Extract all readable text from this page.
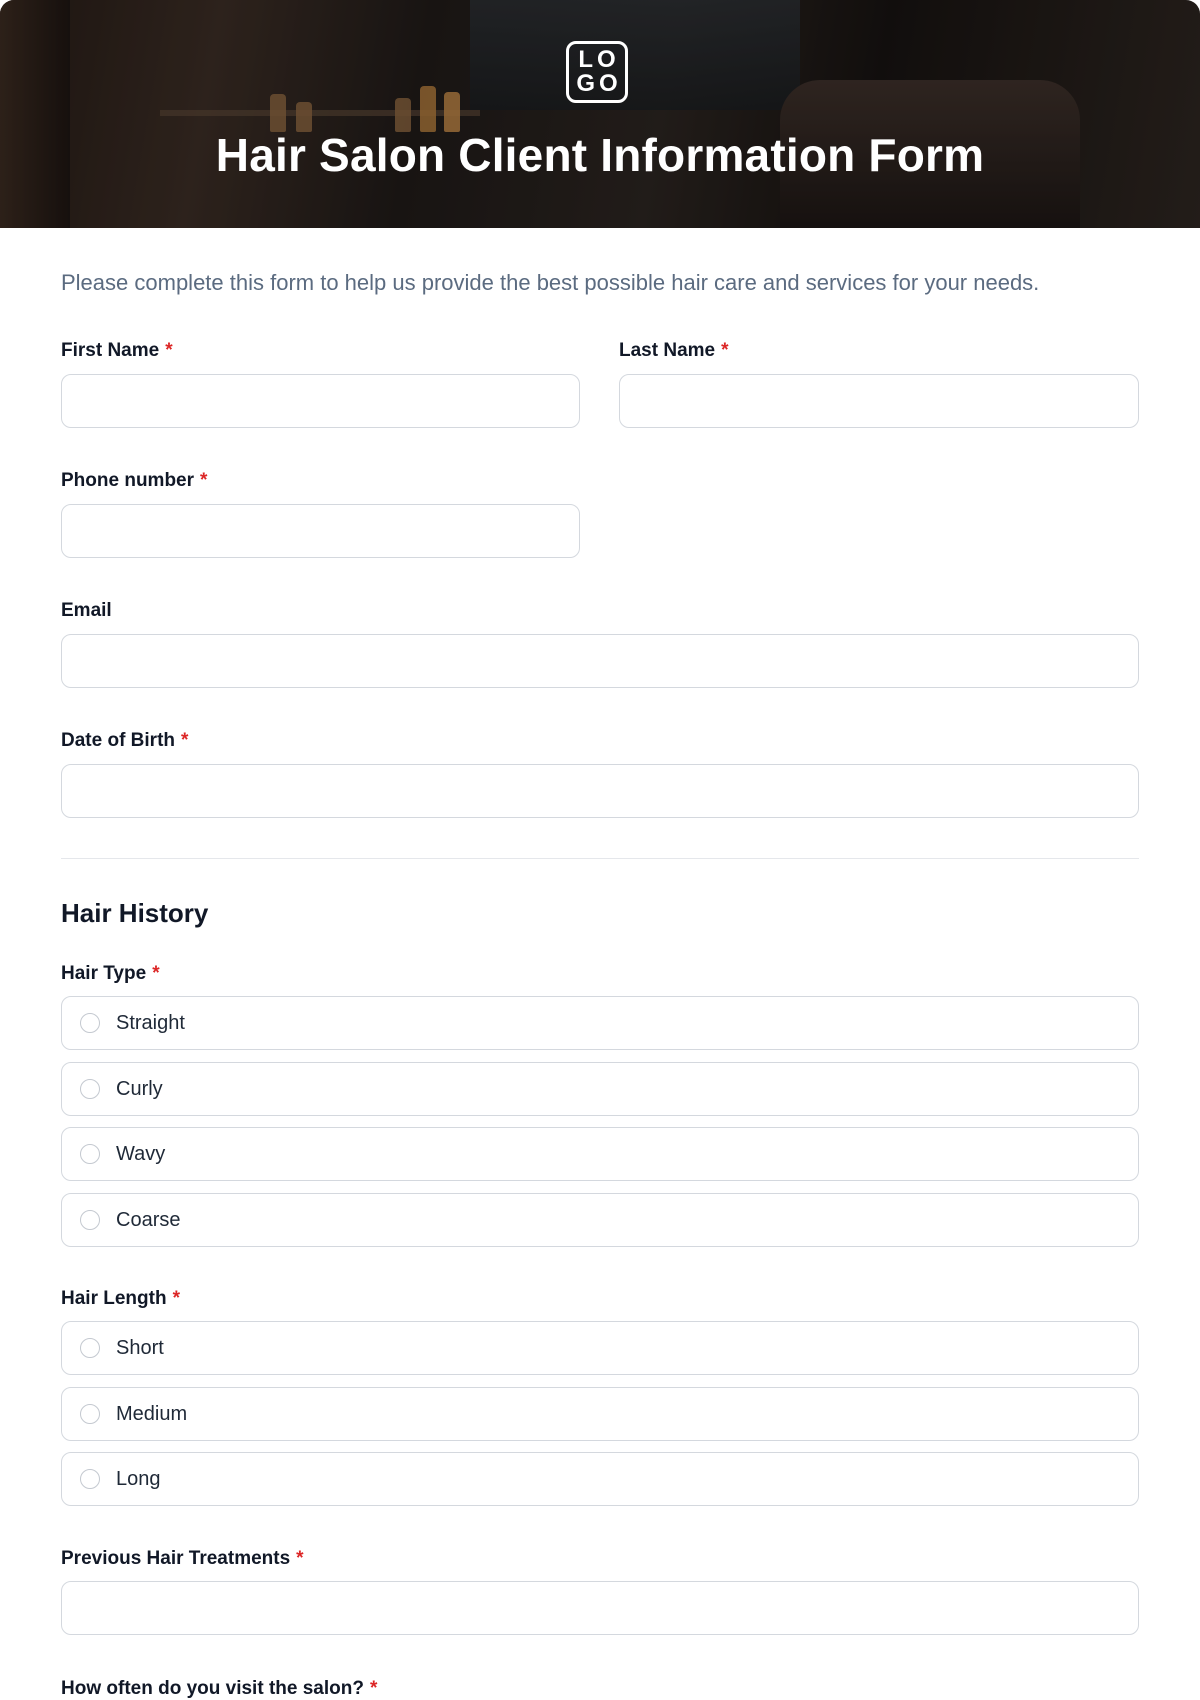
LO
GO
Hair Salon Client Information Form
Please complete this form to help us provide the best possible hair care and services for your needs.
First Name *	Last Name *
Phone number *
Email
Date of Birth *
Hair History
Hair Type *
Straight
Curly
Wavy
Coarse
Hair Length *
Short
Medium
Long
Previous Hair Treatments *
How often do you visit the salon? *
